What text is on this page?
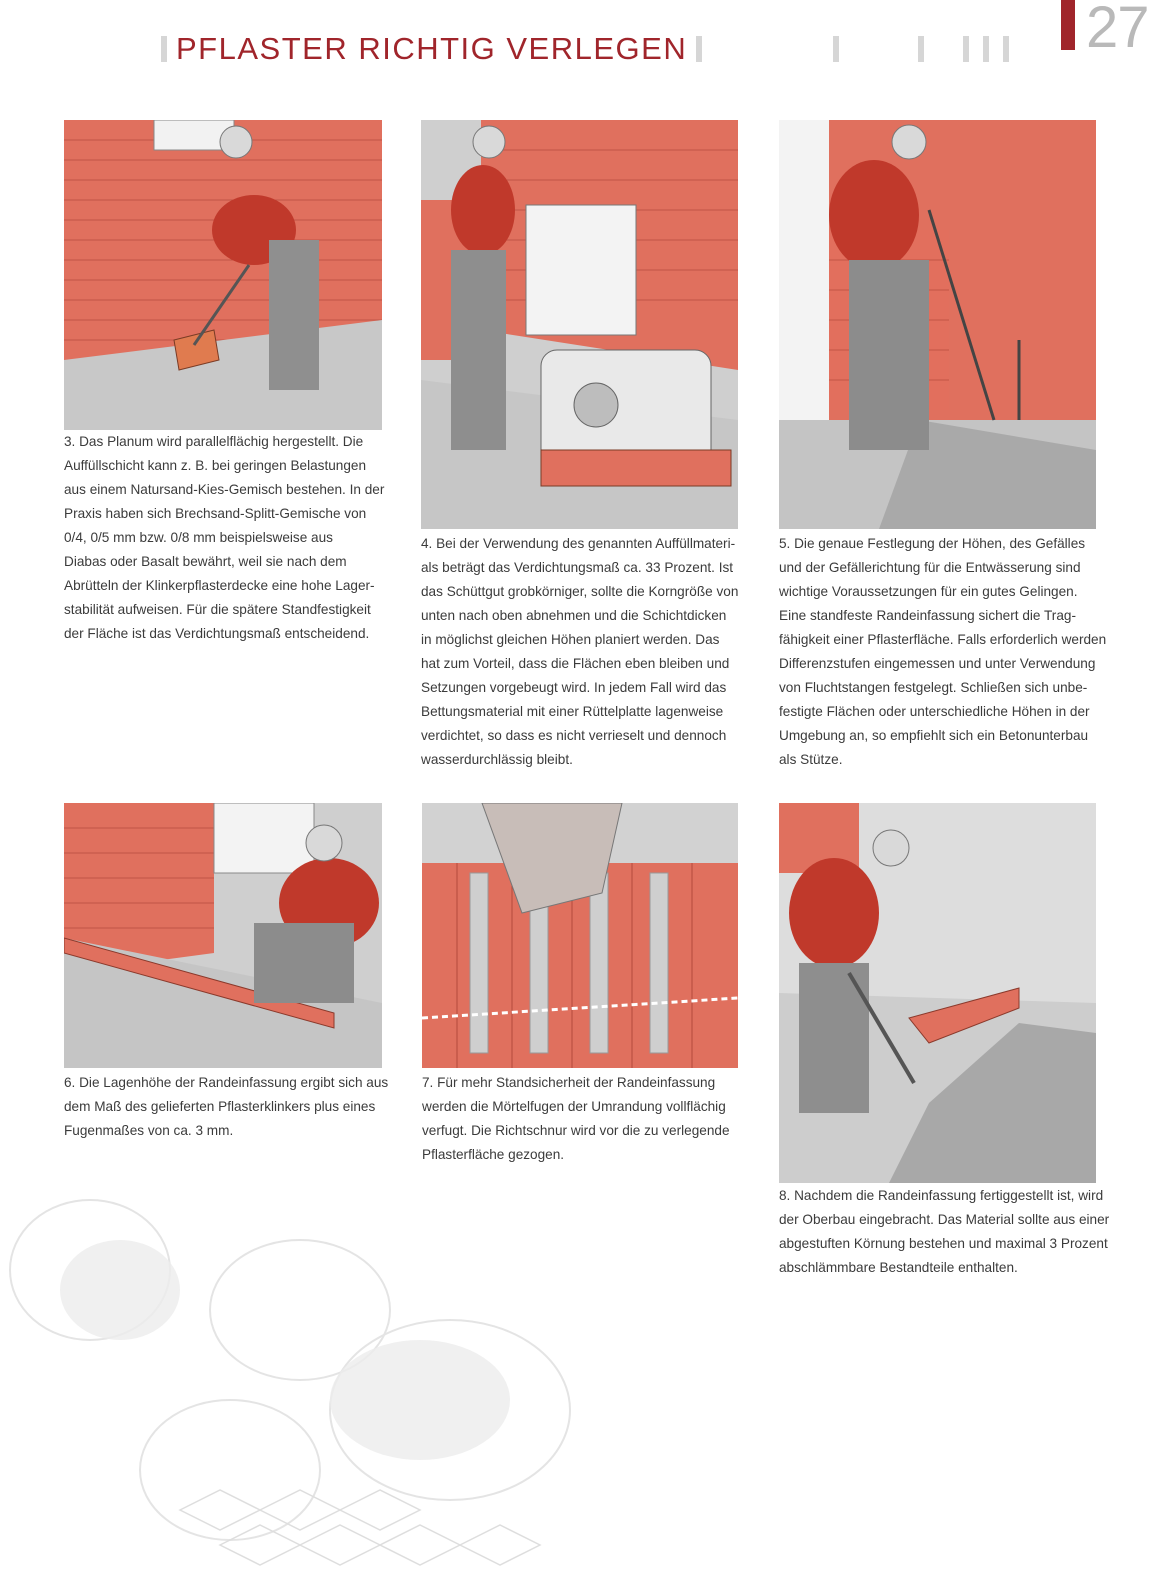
PFLASTER RICHTIG VERLEGEN	27
3. Das Planum wird parallelflächig hergestellt. Die
Auffüllschicht kann z. B. bei geringen Belastungen
aus einem Natursand-Kies-Gemisch bestehen. In der
Praxis haben sich Brechsand-Splitt-Gemische von
0/4, 0/5 mm bzw. 0/8 mm beispielsweise aus
Diabas oder Basalt bewährt, weil sie nach dem
Abrütteln der Klinkerpflasterdecke eine hohe Lager-
stabilität aufweisen. Für die spätere Standfestigkeit
der Fläche ist das Verdichtungsmaß entscheidend.
4. Bei der Verwendung des genannten Auffüllmateri-
als beträgt das Verdichtungsmaß ca. 33 Prozent. Ist
das Schüttgut grobkörniger, sollte die Korngröße von
unten nach oben abnehmen und die Schichtdicken
in möglichst gleichen Höhen planiert werden. Das
hat zum Vorteil, dass die Flächen eben bleiben und
Setzungen vorgebeugt wird. In jedem Fall wird das
Bettungsmaterial mit einer Rüttelplatte lagenweise
verdichtet, so dass es nicht verrieselt und dennoch
wasserdurchlässig bleibt.
5. Die genaue Festlegung der Höhen, des Gefälles
und der Gefällerichtung für die Entwässerung sind
wichtige Voraussetzungen für ein gutes Gelingen.
Eine standfeste Randeinfassung sichert die Trag-
fähigkeit einer Pflasterfläche. Falls erforderlich werden
Differenzstufen eingemessen und unter Verwendung
von Fluchtstangen festgelegt. Schließen sich unbe-
festigte Flächen oder unterschiedliche Höhen in der
Umgebung an, so empfiehlt sich ein Betonunterbau
als Stütze.
6. Die Lagenhöhe der Randeinfassung ergibt sich aus
dem Maß des gelieferten Pflasterklinkers plus eines
Fugenmaßes von ca. 3 mm.
7. Für mehr Standsicherheit der Randeinfassung
werden die Mörtelfugen der Umrandung vollflächig
verfugt. Die Richtschnur wird vor die zu verlegende
Pflasterfläche gezogen.
8. Nachdem die Randeinfassung fertiggestellt ist, wird
der Oberbau eingebracht. Das Material sollte aus einer
abgestuften Körnung bestehen und maximal 3 Prozent
abschlämmbare Bestandteile enthalten.
